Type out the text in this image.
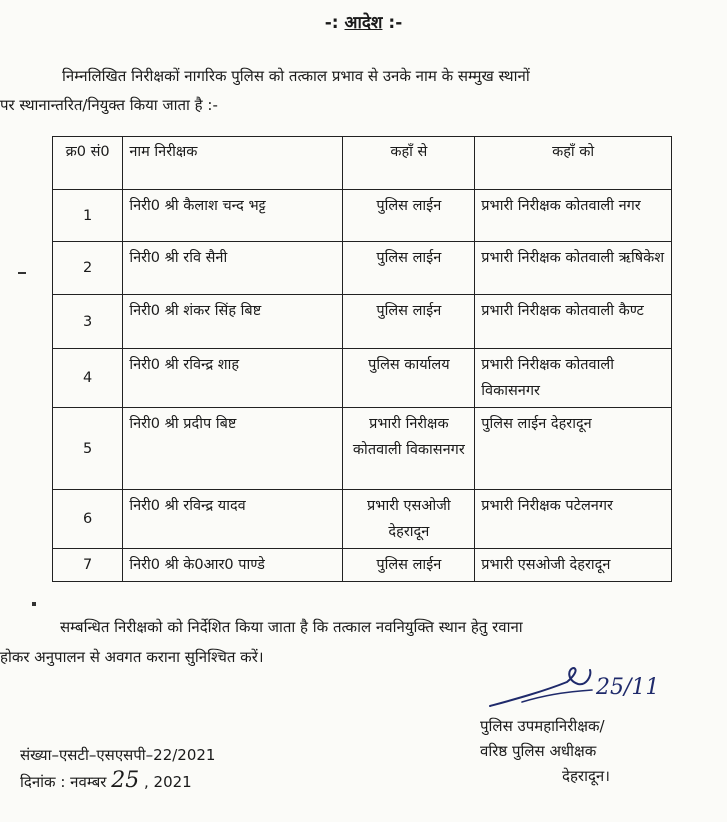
-: आदेश :-
निम्नलिखित निरीक्षकों नागरिक पुलिस को तत्काल प्रभाव से उनके नाम के सम्मुख स्थानों
पर स्थानान्तरित/नियुक्त किया जाता है :-
क्र0 सं0	नाम निरीक्षक	कहाँ से	कहाँ को
1	निरी0 श्री कैलाश चन्द भट्ट	पुलिस लाईन	प्रभारी निरीक्षक कोतवाली नगर
2	निरी0 श्री रवि सैनी	पुलिस लाईन	प्रभारी निरीक्षक कोतवाली ऋषिकेश
3	निरी0 श्री शंकर सिंह बिष्ट	पुलिस लाईन	प्रभारी निरीक्षक कोतवाली कैण्ट
4	निरी0 श्री रविन्द्र शाह	पुलिस कार्यालय	प्रभारी निरीक्षक कोतवाली विकासनगर
5	निरी0 श्री प्रदीप बिष्ट	प्रभारी निरीक्षक कोतवाली विकासनगर	पुलिस लाईन देहरादून
6	निरी0 श्री रविन्द्र यादव	प्रभारी एसओजी देहरादून	प्रभारी निरीक्षक पटेलनगर
7	निरी0 श्री के0आर0 पाण्डे	पुलिस लाईन	प्रभारी एसओजी देहरादून
सम्बन्धित निरीक्षको को निर्देशित किया जाता है कि तत्काल नवनियुक्ति स्थान हेतु रवाना
होकर अनुपालन से अवगत कराना सुनिश्चित करें।
25/11
पुलिस उपमहानिरीक्षक/
वरिष्ठ पुलिस अधीक्षक
देहरादून।
संख्या–एसटी–एसएसपी–22/2021
दिनांक : नवम्बर 25 , 2021
